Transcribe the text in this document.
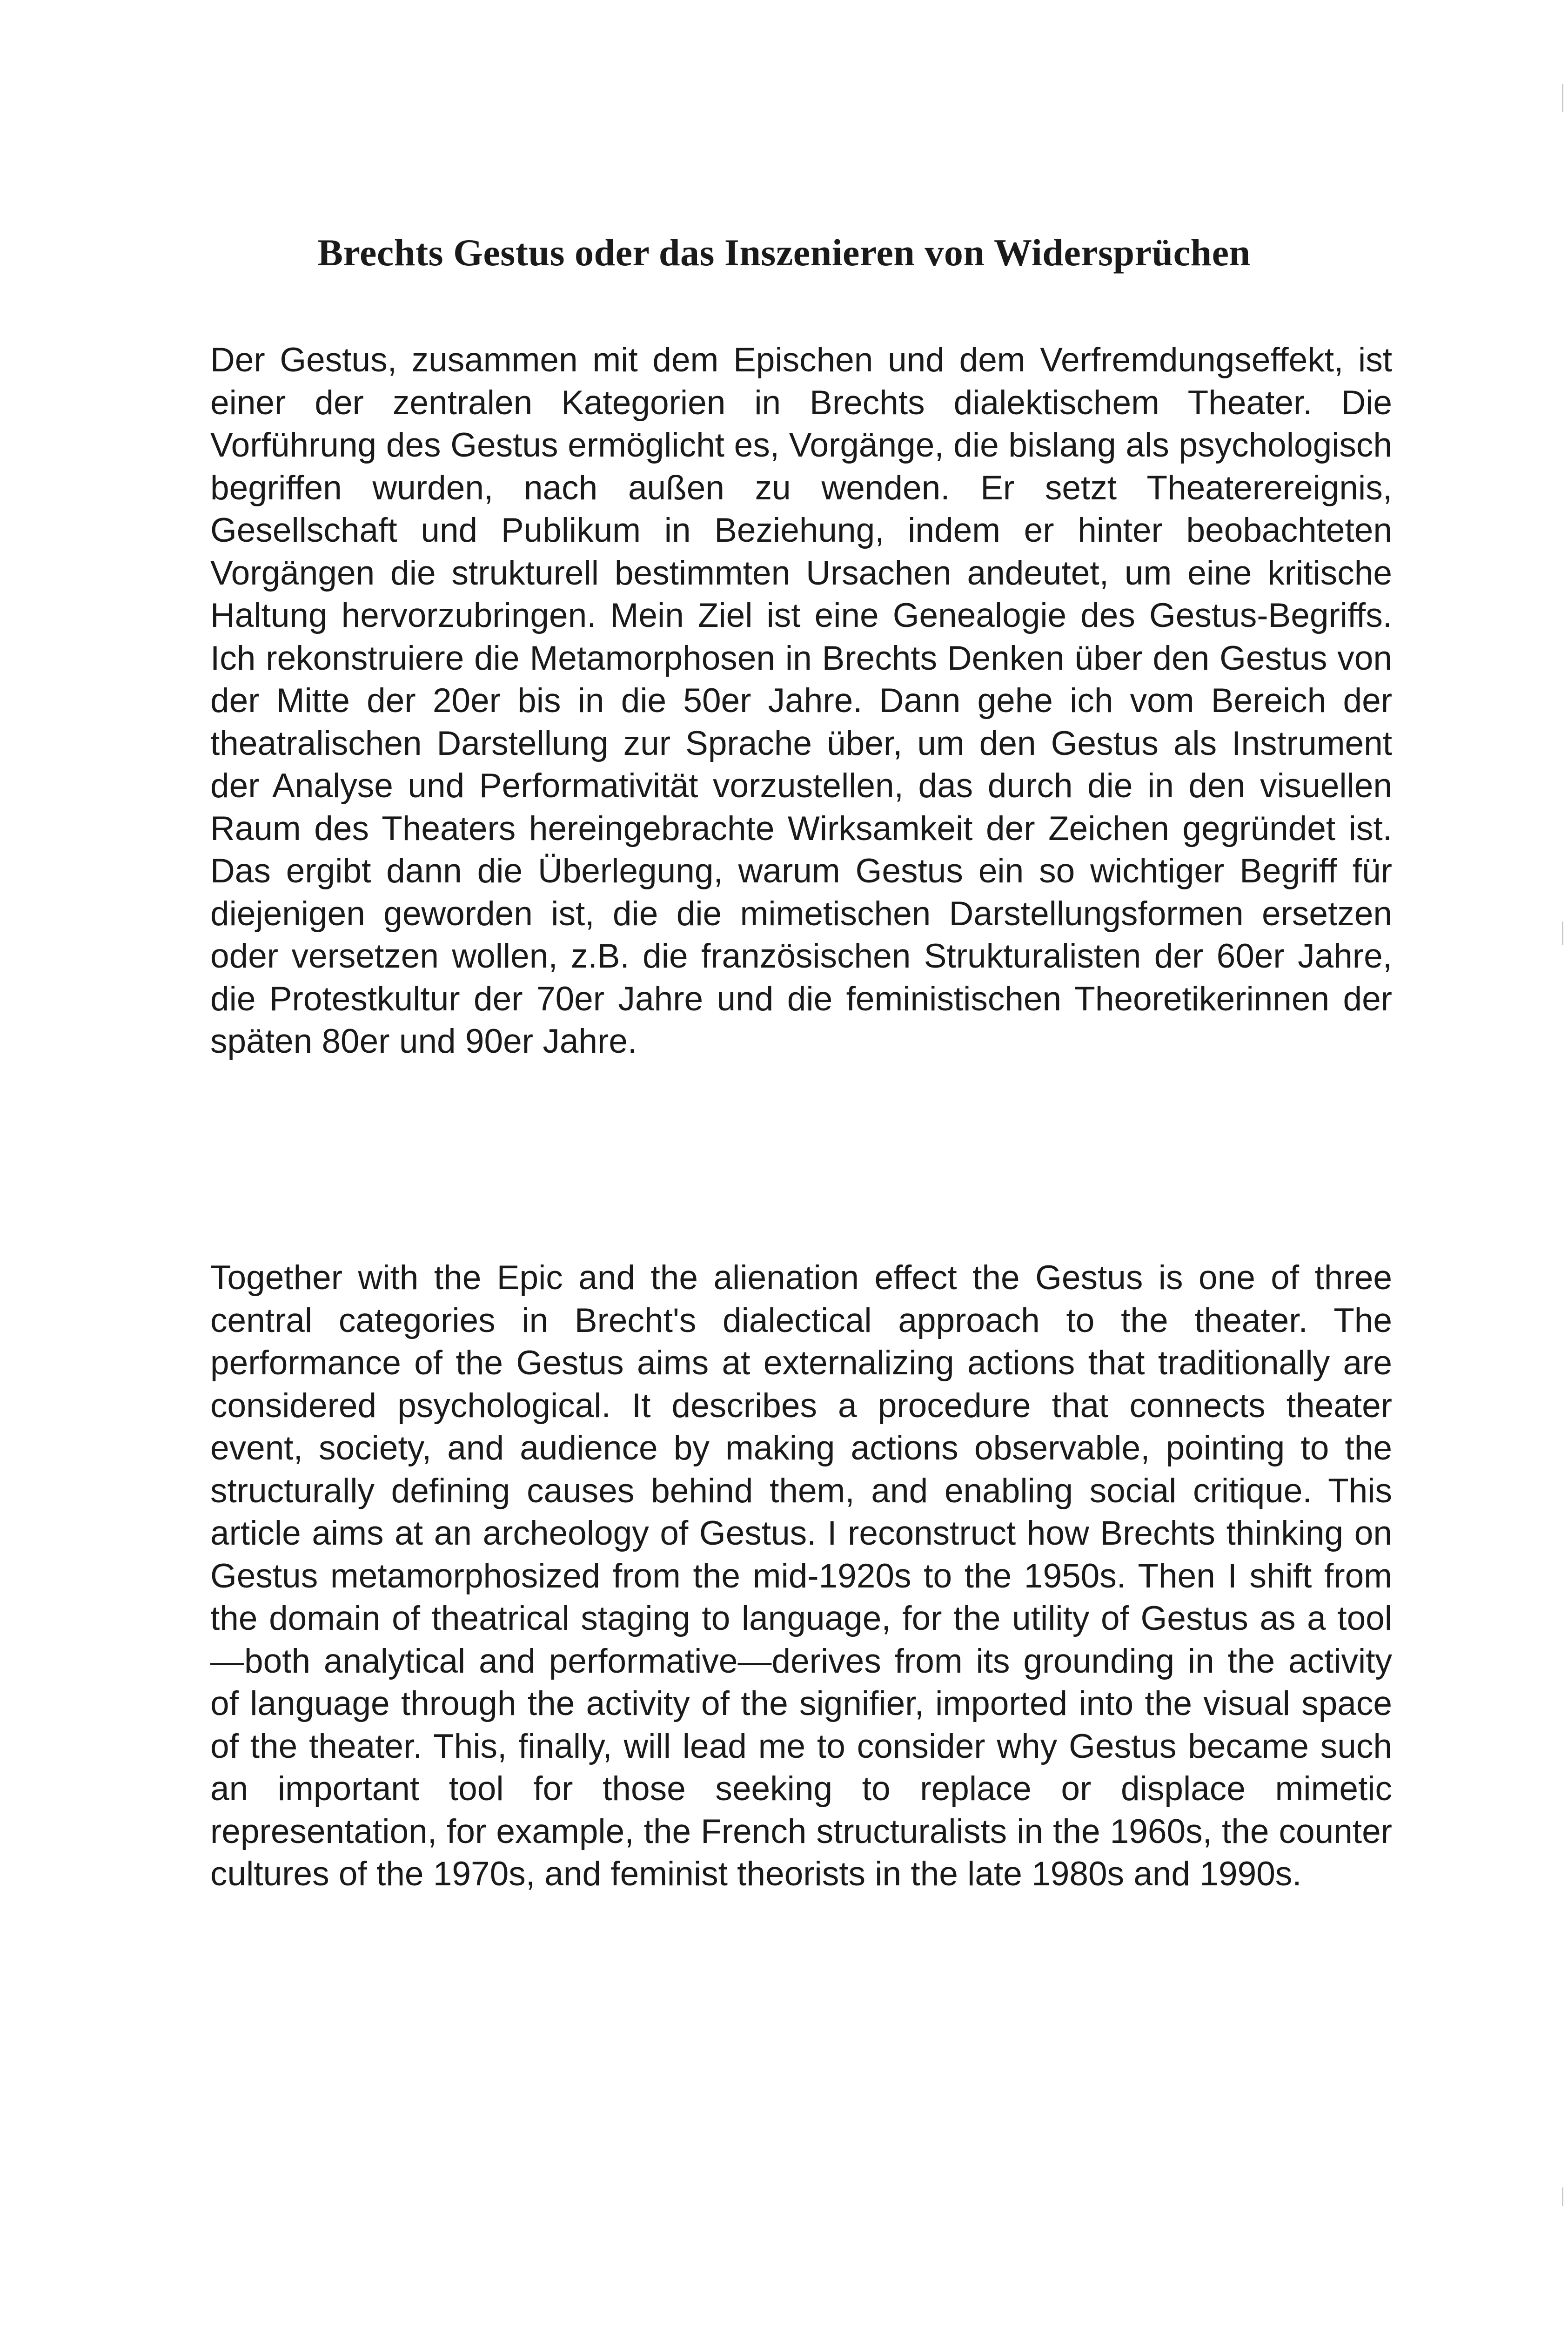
Brechts Gestus oder das Inszenieren von Widersprüchen

Der Gestus, zusammen mit dem Epischen und dem Verfremdungseffekt, ist einer der zentralen Kategorien in Brechts dialektischem Theater. Die Vorführung des Gestus ermöglicht es, Vorgänge, die bislang als psychologisch begriffen wurden, nach außen zu wenden. Er setzt Theaterereignis, Gesellschaft und Publikum in Beziehung, indem er hinter beobachteten Vorgängen die strukturell bestimmten Ursachen andeutet, um eine kritische Haltung hervorzubringen. Mein Ziel ist eine Genealogie des Gestus-Begriffs. Ich rekonstruiere die Metamorphosen in Brechts Denken über den Gestus von der Mitte der 20er bis in die 50er Jahre. Dann gehe ich vom Bereich der theatralischen Darstellung zur Sprache über, um den Gestus als Instrument der Analyse und Performativität vorzustellen, das durch die in den visuellen Raum des Theaters hereingebrachte Wirksamkeit der Zeichen gegründet ist. Das ergibt dann die Überlegung, warum Gestus ein so wichtiger Begriff für diejenigen geworden ist, die die mimetischen Darstellungsformen ersetzen oder versetzen wollen, z.B. die französischen Strukturalisten der 60er Jahre, die Protestkultur der 70er Jahre und die feministischen Theoretikerinnen der späten 80er und 90er Jahre.

Together with the Epic and the alienation effect the Gestus is one of three central categories in Brecht's dialectical approach to the theater. The performance of the Gestus aims at externalizing actions that traditionally are considered psychological. It describes a procedure that connects theater event, society, and audience by making actions observable, pointing to the structurally defining causes behind them, and enabling social critique. This article aims at an archeology of Gestus. I reconstruct how Brechts thinking on Gestus metamorphosized from the mid-1920s to the 1950s. Then I shift from the domain of theatrical staging to language, for the utility of Gestus as a tool—both analytical and performative—derives from its grounding in the activity of language through the activity of the signifier, imported into the visual space of the theater. This, finally, will lead me to consider why Gestus became such an important tool for those seeking to replace or displace mimetic representation, for example, the French structuralists in the 1960s, the counter cultures of the 1970s, and feminist theorists in the late 1980s and 1990s.
